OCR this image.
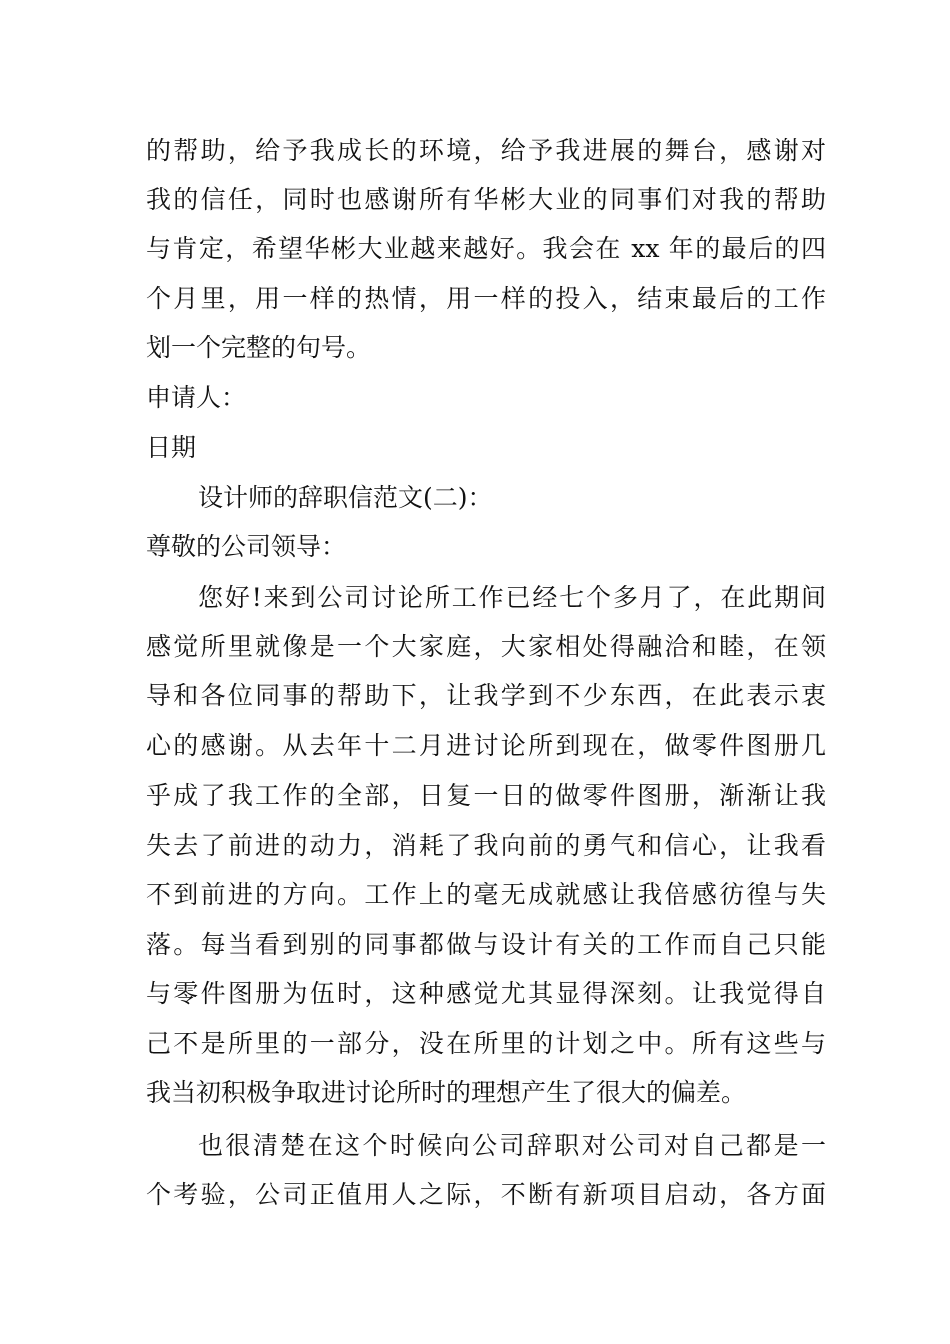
的帮助，给予我成长的环境，给予我进展的舞台，感谢对
我的信任，同时也感谢所有华彬大业的同事们对我的帮助
与肯定，希望华彬大业越来越好。我会在 xx 年的最后的四
个月里，用一样的热情，用一样的投入，结束最后的工作
划一个完整的句号。
申请人：
日期
设计师的辞职信范文(二)：
尊敬的公司领导：
您好!来到公司讨论所工作已经七个多月了，在此期间
感觉所里就像是一个大家庭，大家相处得融洽和睦，在领
导和各位同事的帮助下，让我学到不少东西，在此表示衷
心的感谢。从去年十二月进讨论所到现在，做零件图册几
乎成了我工作的全部，日复一日的做零件图册，渐渐让我
失去了前进的动力，消耗了我向前的勇气和信心，让我看
不到前进的方向。工作上的毫无成就感让我倍感彷徨与失
落。每当看到别的同事都做与设计有关的工作而自己只能
与零件图册为伍时，这种感觉尤其显得深刻。让我觉得自
己不是所里的一部分，没在所里的计划之中。所有这些与
我当初积极争取进讨论所时的理想产生了很大的偏差。
也很清楚在这个时候向公司辞职对公司对自己都是一
个考验，公司正值用人之际，不断有新项目启动，各方面
